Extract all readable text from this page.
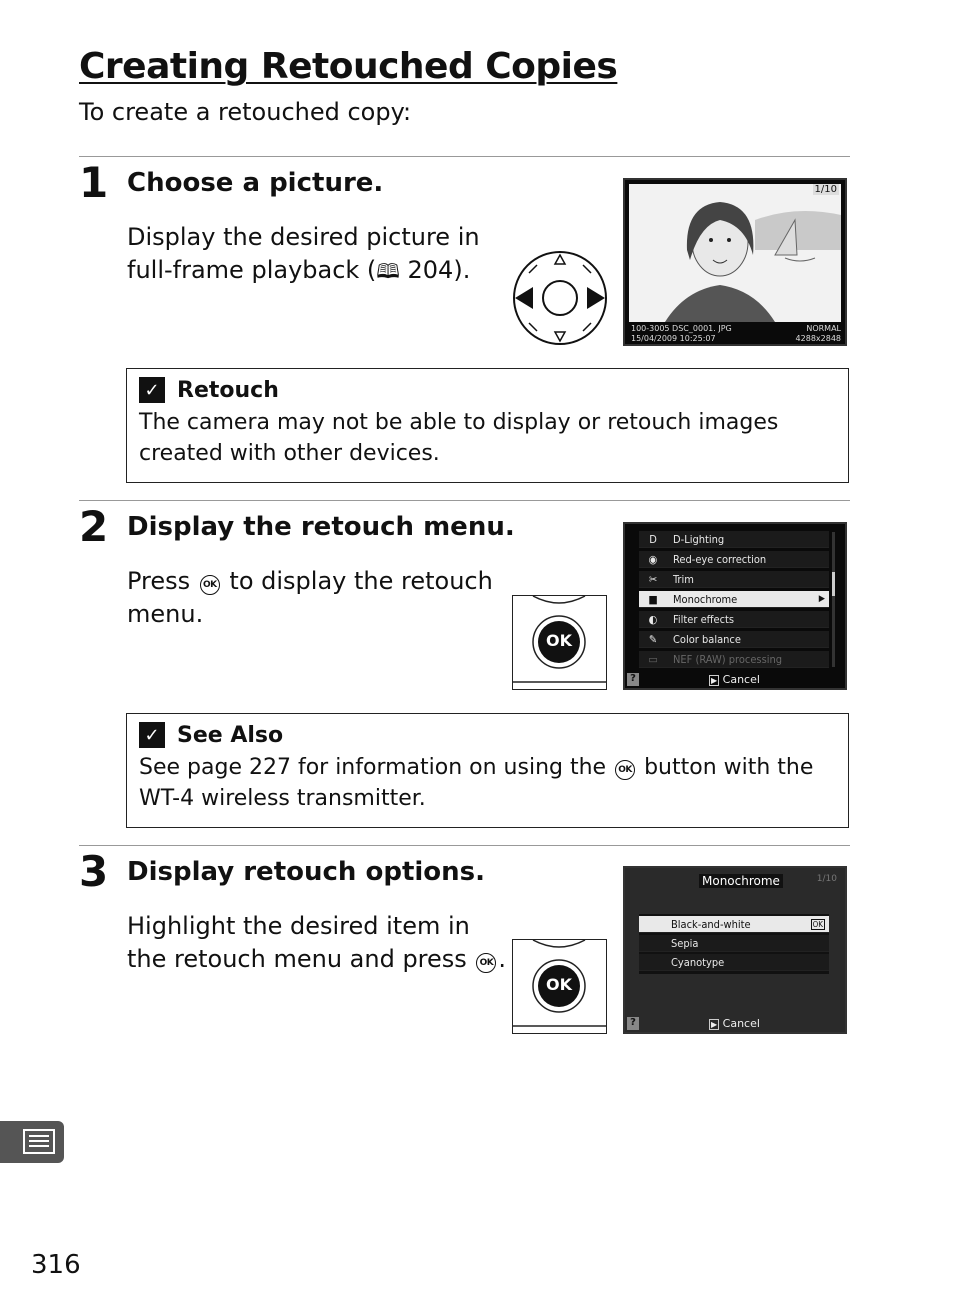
Creating Retouched Copies
To create a retouched copy:
1 Choose a picture.
Display the desired picture in full-frame playback (🕮 204).
1/10
100-3005 DSC_0001. JPG	NORMAL
15/04/2009 10:25:07	4288x2848
✓ Retouch
The camera may not be able to display or retouch images created with other devices.
2 Display the retouch menu.
Press OK to display the retouch menu.
OK
D	D-Lighting
◉	Red-eye correction
✂	Trim
■	Monochrome	▶
◐	Filter effects
✎	Color balance
▭	NEF (RAW) processing
?	▶ Cancel
✓ See Also
See page 227 for information on using the OK button with the WT-4 wireless transmitter.
3 Display retouch options.
Highlight the desired item in the retouch menu and press OK .
OK
Monochrome	1/10
Black-and-white	OK
Sepia
Cyanotype
?	▶ Cancel
316
